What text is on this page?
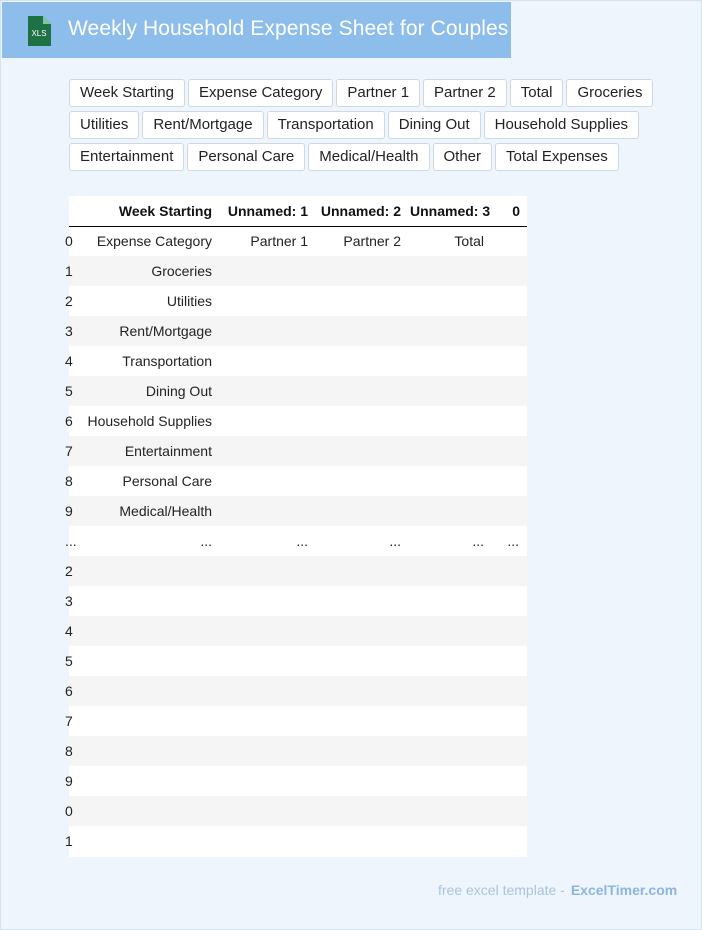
XLS Weekly Household Expense Sheet for Couples
Week Starting	Expense Category	Partner 1	Partner 2	Total	Groceries
Utilities	Rent/Mortgage	Transportation	Dining Out	Household Supplies
Entertainment	Personal Care	Medical/Health	Other	Total Expenses
	Week Starting	Unnamed: 1	Unnamed: 2	Unnamed: 3	0
0	Expense Category	Partner 1	Partner 2	Total	
1	Groceries				
2	Utilities				
3	Rent/Mortgage				
4	Transportation				
5	Dining Out				
6	Household Supplies				
7	Entertainment				
8	Personal Care				
9	Medical/Health				
...	...	...	...	...	...
2					
3					
4					
5					
6					
7					
8					
9					
0					
1					
free excel template - ExcelTimer.com
